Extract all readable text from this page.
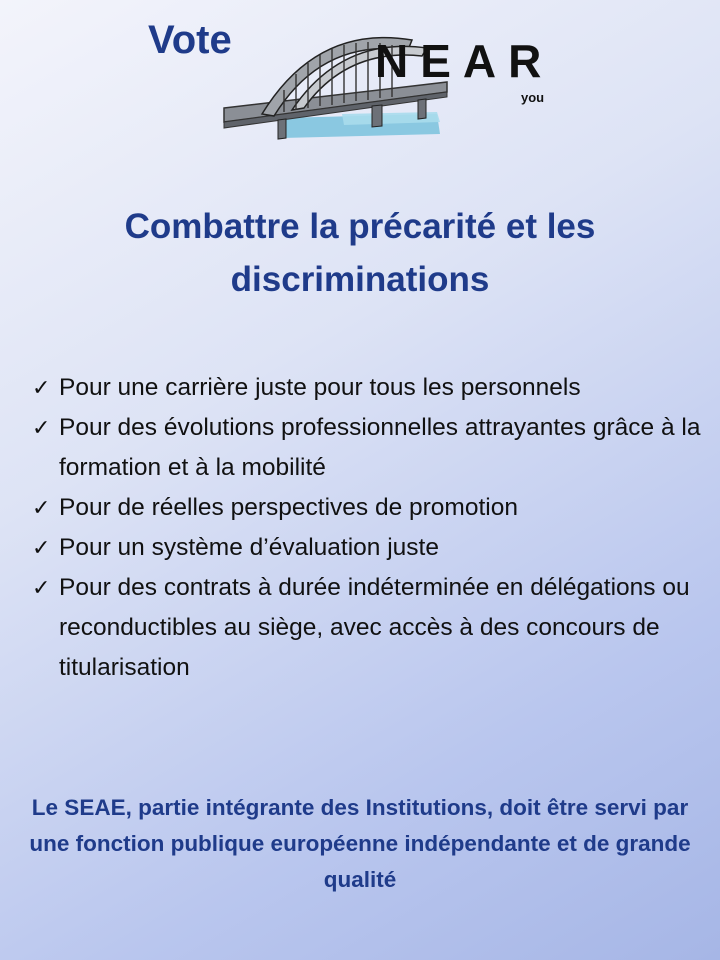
Vote	NEAR
you
Combattre la précarité et les discriminations
✓ Pour une carrière juste pour tous les personnels
✓ Pour des évolutions professionnelles attrayantes grâce à la formation et à la mobilité
✓ Pour de réelles perspectives de promotion
✓ Pour un système d’évaluation juste
✓ Pour des contrats à durée indéterminée en délégations ou reconductibles au siège, avec accès à des concours de titularisation

Le SEAE, partie intégrante des Institutions, doit être servi par une fonction publique européenne indépendante et de grande qualité
